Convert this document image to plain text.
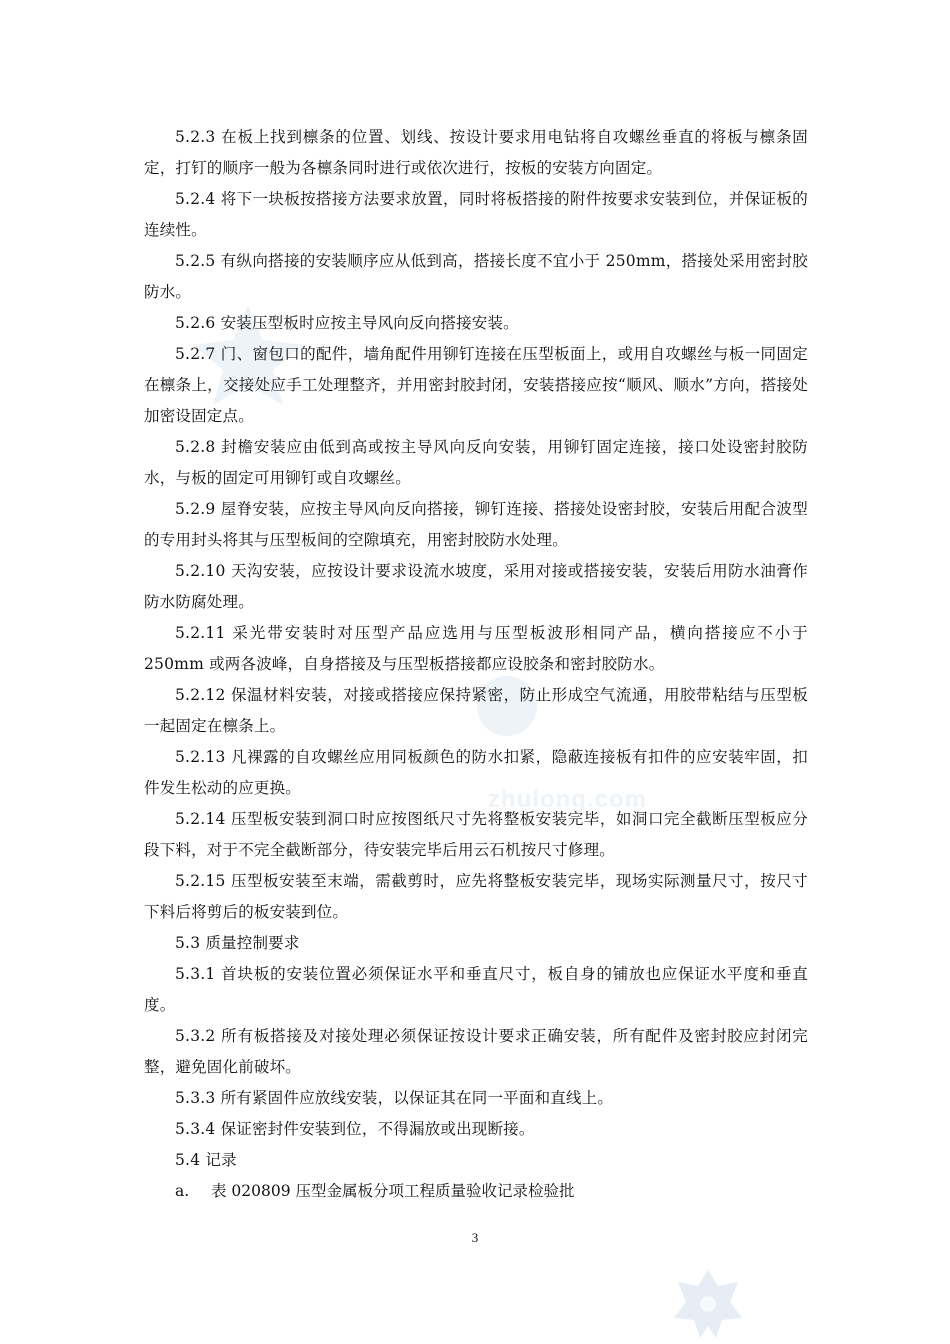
zhulong.com

5.2.3 在板上找到檩条的位置、划线、按设计要求用电钻将自攻螺丝垂直的将板与檩条固定，打钉的顺序一般为各檩条同时进行或依次进行，按板的安装方向固定。

5.2.4 将下一块板按搭接方法要求放置，同时将板搭接的附件按要求安装到位，并保证板的连续性。

5.2.5 有纵向搭接的安装顺序应从低到高，搭接长度不宜小于 250mm，搭接处采用密封胶防水。

5.2.6 安装压型板时应按主导风向反向搭接安装。

5.2.7 门、窗包口的配件，墙角配件用铆钉连接在压型板面上，或用自攻螺丝与板一同固定在檩条上，交接处应手工处理整齐，并用密封胶封闭，安装搭接应按“顺风、顺水”方向，搭接处加密设固定点。

5.2.8 封檐安装应由低到高或按主导风向反向安装，用铆钉固定连接，接口处设密封胶防水，与板的固定可用铆钉或自攻螺丝。

5.2.9 屋脊安装，应按主导风向反向搭接，铆钉连接、搭接处设密封胶，安装后用配合波型的专用封头将其与压型板间的空隙填充，用密封胶防水处理。

5.2.10 天沟安装，应按设计要求设流水坡度，采用对接或搭接安装，安装后用防水油膏作防水防腐处理。

5.2.11 采光带安装时对压型产品应选用与压型板波形相同产品，横向搭接应不小于 250mm 或两各波峰，自身搭接及与压型板搭接都应设胶条和密封胶防水。

5.2.12 保温材料安装，对接或搭接应保持紧密，防止形成空气流通，用胶带粘结与压型板一起固定在檩条上。

5.2.13 凡裸露的自攻螺丝应用同板颜色的防水扣紧，隐蔽连接板有扣件的应安装牢固，扣件发生松动的应更换。

5.2.14 压型板安装到洞口时应按图纸尺寸先将整板安装完毕，如洞口完全截断压型板应分段下料，对于不完全截断部分，待安装完毕后用云石机按尺寸修理。

5.2.15 压型板安装至末端，需截剪时，应先将整板安装完毕，现场实际测量尺寸，按尺寸下料后将剪后的板安装到位。

5.3 质量控制要求

5.3.1 首块板的安装位置必须保证水平和垂直尺寸，板自身的铺放也应保证水平度和垂直度。

5.3.2 所有板搭接及对接处理必须保证按设计要求正确安装，所有配件及密封胶应封闭完整，避免固化前破坏。

5.3.3 所有紧固件应放线安装，以保证其在同一平面和直线上。

5.3.4 保证密封件安装到位，不得漏放或出现断接。

5.4 记录

a. 表 020809 压型金属板分项工程质量验收记录检验批

3
